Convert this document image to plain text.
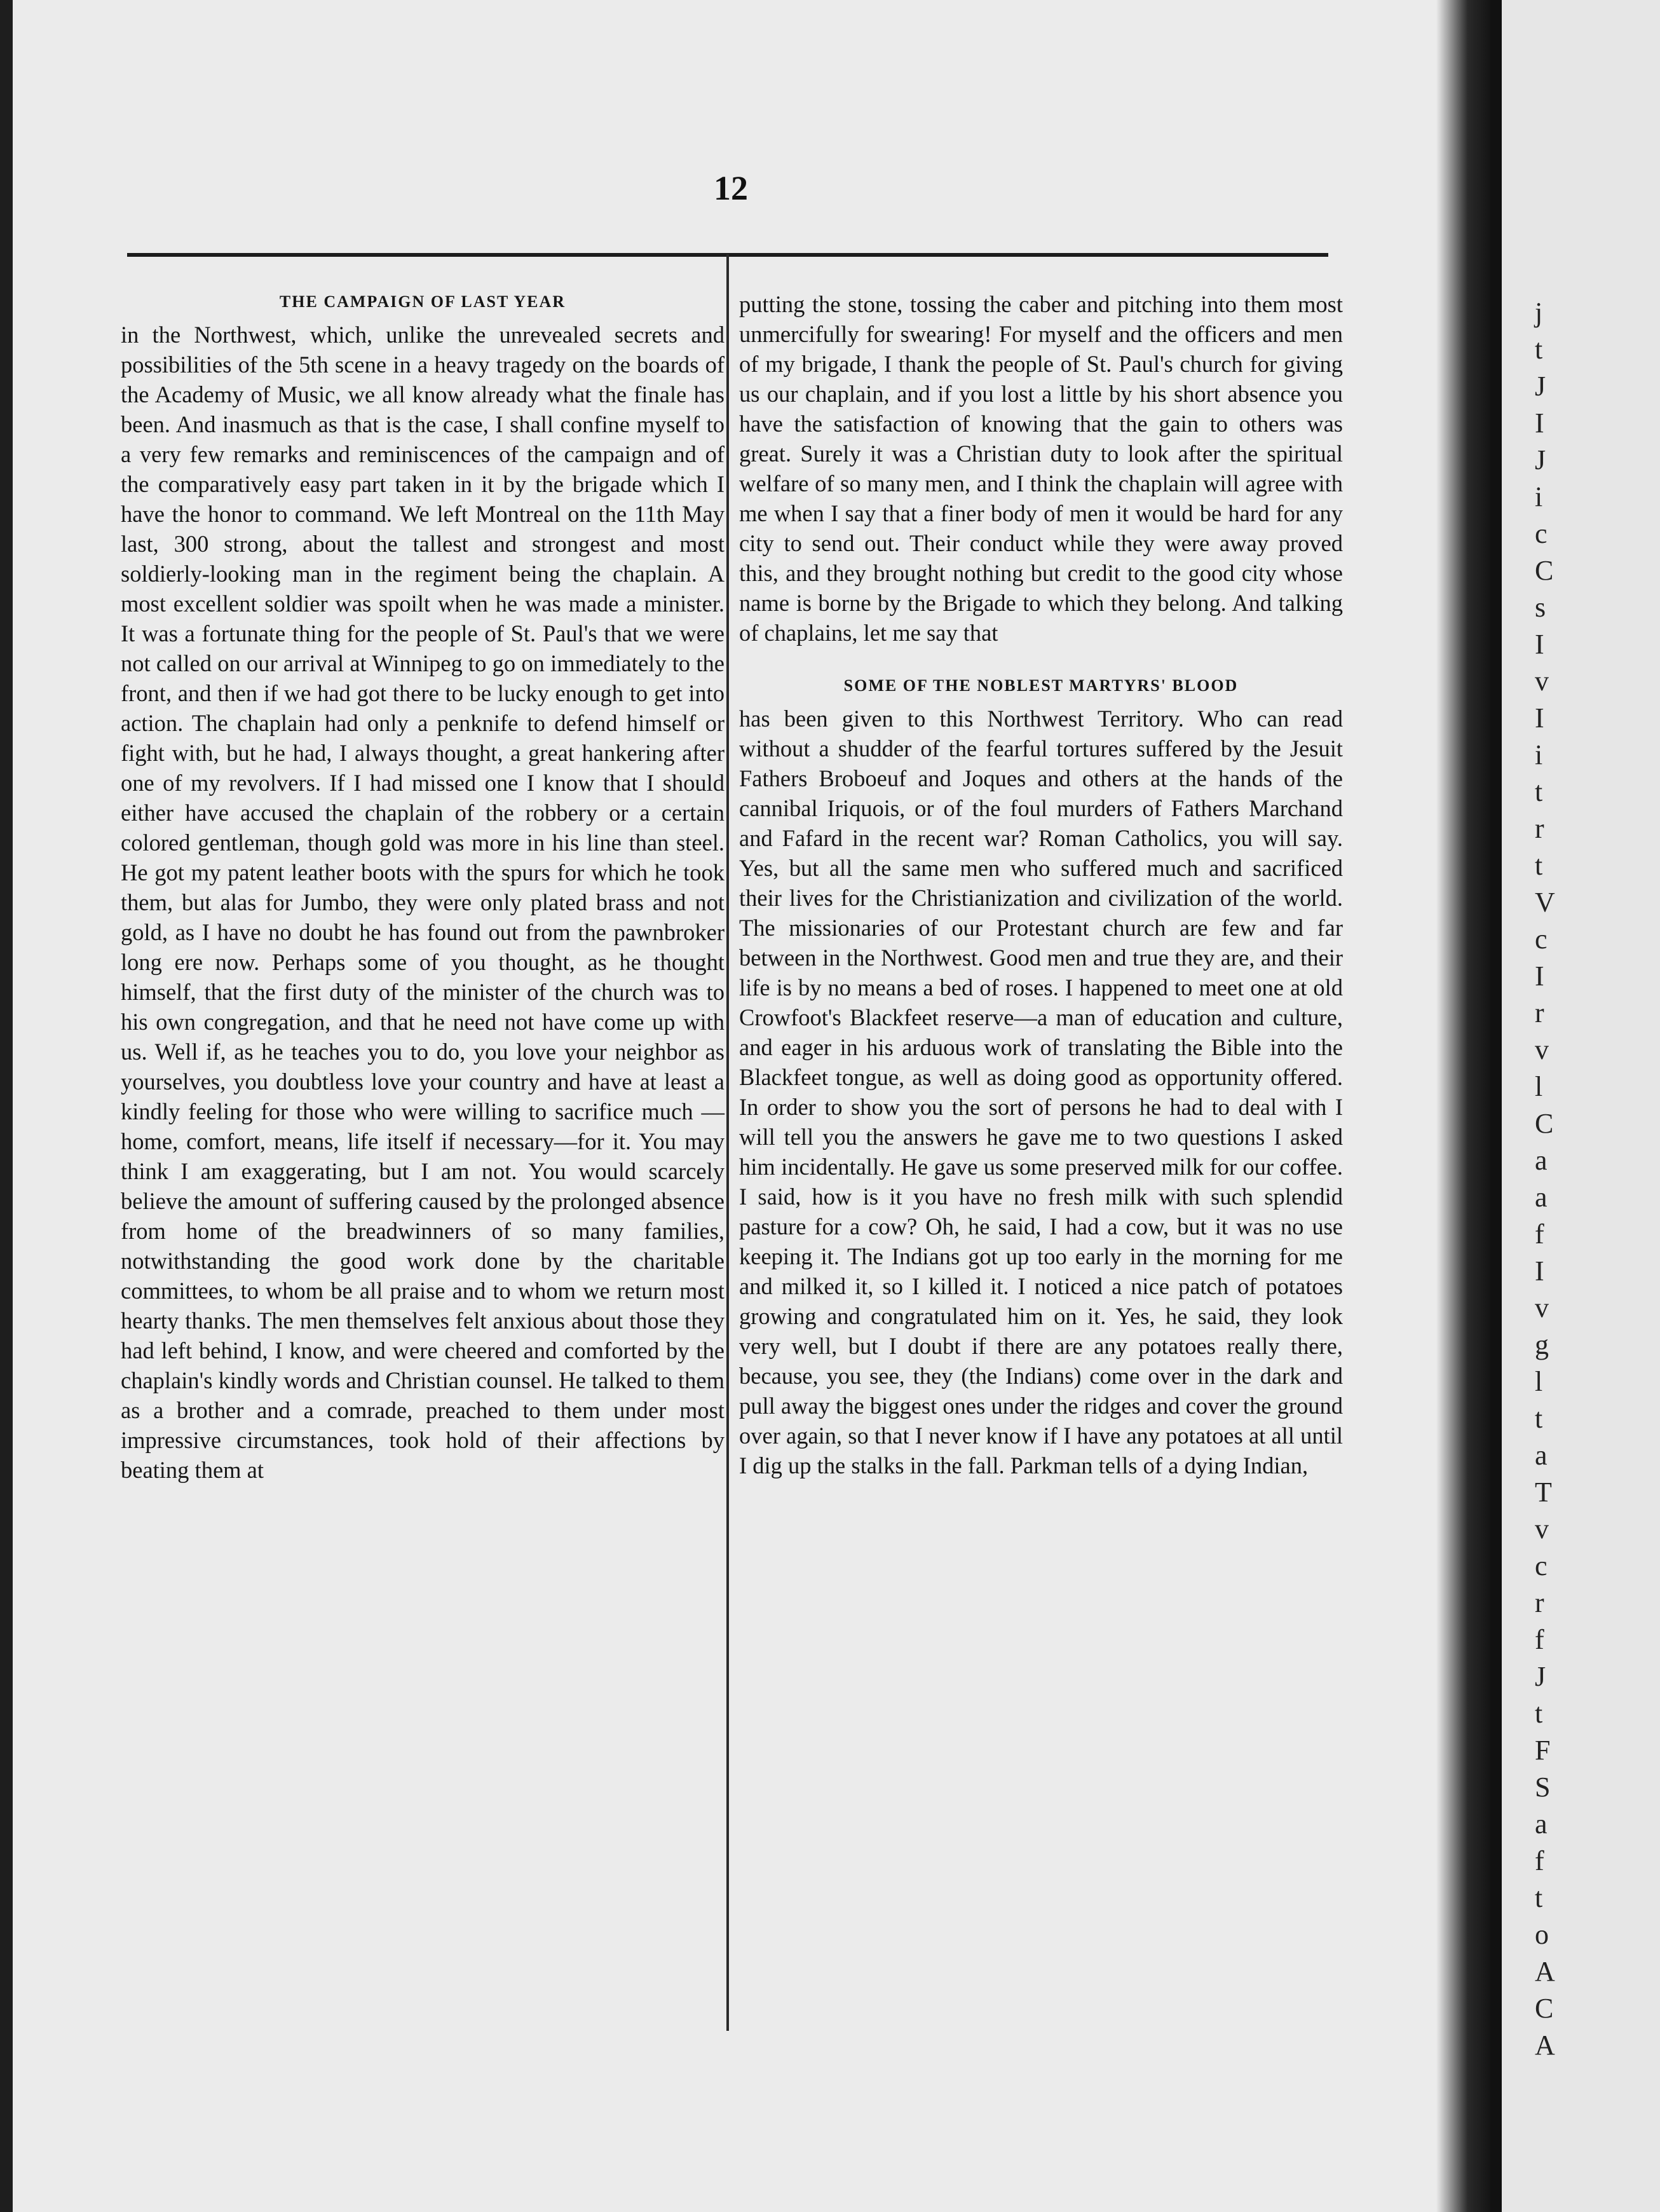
j
t
J
I
J
i
c
C
s
I
v
I
i
t
r
t
V
c
I
r
v
l
C
a
a
f
I
v
g
l
t
a
T
v
c
r
f
J
t
F
S
a
f
t
o
A
C
A
12
THE CAMPAIGN OF LAST YEAR

in the Northwest, which, unlike the unrevealed secrets and possibilities of the 5th scene in a heavy tragedy on the boards of the Academy of Music, we all know already what the finale has been. And inasmuch as that is the case, I shall confine myself to a very few remarks and reminiscences of the campaign and of the comparatively easy part taken in it by the brigade which I have the honor to command. We left Montreal on the 11th May last, 300 strong, about the tallest and strongest and most soldierly-looking man in the regiment being the chaplain. A most excellent soldier was spoilt when he was made a minister. It was a fortunate thing for the people of St. Paul's that we were not called on our arrival at Winnipeg to go on immediately to the front, and then if we had got there to be lucky enough to get into action. The chaplain had only a penknife to defend himself or fight with, but he had, I always thought, a great hankering after one of my revolvers. If I had missed one I know that I should either have accused the chaplain of the robbery or a certain colored gentleman, though gold was more in his line than steel. He got my patent leather boots with the spurs for which he took them, but alas for Jumbo, they were only plated brass and not gold, as I have no doubt he has found out from the pawnbroker long ere now. Perhaps some of you thought, as he thought himself, that the first duty of the minister of the church was to his own congregation, and that he need not have come up with us. Well if, as he teaches you to do, you love your neighbor as yourselves, you doubtless love your country and have at least a kindly feeling for those who were willing to sacrifice much —home, comfort, means, life itself if necessary—for it. You may think I am exaggerating, but I am not. You would scarcely believe the amount of suffering caused by the prolonged absence from home of the breadwinners of so many families, notwithstanding the good work done by the charitable committees, to whom be all praise and to whom we return most hearty thanks. The men themselves felt anxious about those they had left behind, I know, and were cheered and comforted by the chaplain's kindly words and Christian counsel. He talked to them as a brother and a comrade, preached to them under most impressive circumstances, took hold of their affections by beating them at

putting the stone, tossing the caber and pitching into them most unmercifully for swearing! For myself and the officers and men of my brigade, I thank the people of St. Paul's church for giving us our chaplain, and if you lost a little by his short absence you have the satisfaction of knowing that the gain to others was great. Surely it was a Christian duty to look after the spiritual welfare of so many men, and I think the chaplain will agree with me when I say that a finer body of men it would be hard for any city to send out. Their conduct while they were away proved this, and they brought nothing but credit to the good city whose name is borne by the Brigade to which they belong. And talking of chaplains, let me say that

SOME OF THE NOBLEST MARTYRS' BLOOD

has been given to this Northwest Territory. Who can read without a shudder of the fearful tortures suffered by the Jesuit Fathers Broboeuf and Joques and others at the hands of the cannibal Iriquois, or of the foul murders of Fathers Marchand and Fafard in the recent war? Roman Catholics, you will say. Yes, but all the same men who suffered much and sacrificed their lives for the Christianization and civilization of the world. The missionaries of our Protestant church are few and far between in the Northwest. Good men and true they are, and their life is by no means a bed of roses. I happened to meet one at old Crowfoot's Blackfeet reserve—a man of education and culture, and eager in his arduous work of translating the Bible into the Blackfeet tongue, as well as doing good as opportunity offered. In order to show you the sort of persons he had to deal with I will tell you the answers he gave me to two questions I asked him incidentally. He gave us some preserved milk for our coffee. I said, how is it you have no fresh milk with such splendid pasture for a cow? Oh, he said, I had a cow, but it was no use keeping it. The Indians got up too early in the morning for me and milked it, so I killed it. I noticed a nice patch of potatoes growing and congratulated him on it. Yes, he said, they look very well, but I doubt if there are any potatoes really there, because, you see, they (the Indians) come over in the dark and pull away the biggest ones under the ridges and cover the ground over again, so that I never know if I have any potatoes at all until I dig up the stalks in the fall. Parkman tells of a dying Indian,
